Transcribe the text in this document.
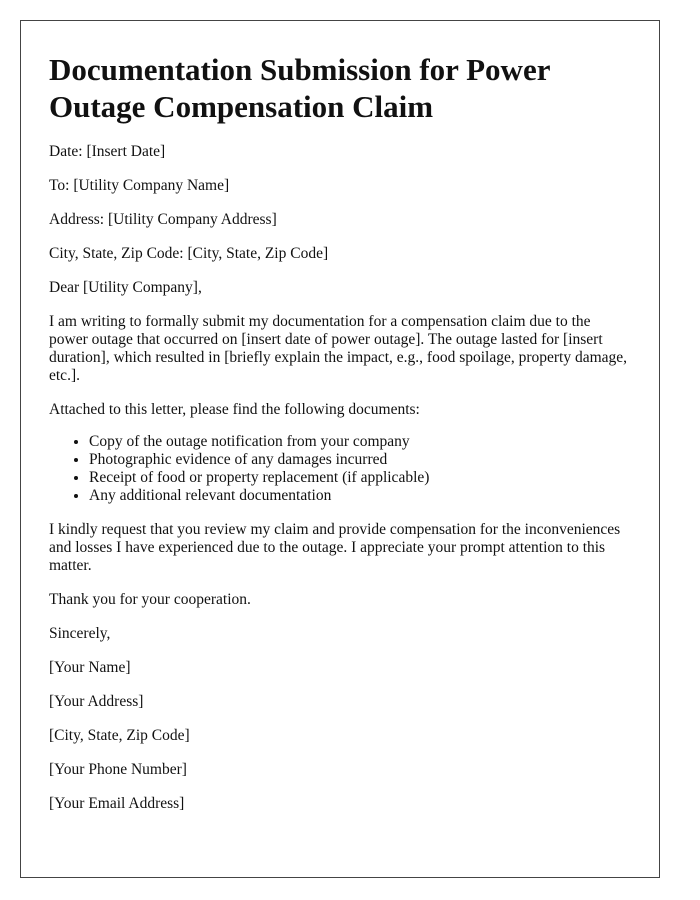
Documentation Submission for Power Outage Compensation Claim

Date: [Insert Date]

To: [Utility Company Name]

Address: [Utility Company Address]

City, State, Zip Code: [City, State, Zip Code]

Dear [Utility Company],

I am writing to formally submit my documentation for a compensation claim due to the power outage that occurred on [insert date of power outage]. The outage lasted for [insert duration], which resulted in [briefly explain the impact, e.g., food spoilage, property damage, etc.].

Attached to this letter, please find the following documents:

• Copy of the outage notification from your company
• Photographic evidence of any damages incurred
• Receipt of food or property replacement (if applicable)
• Any additional relevant documentation

I kindly request that you review my claim and provide compensation for the inconveniences and losses I have experienced due to the outage. I appreciate your prompt attention to this matter.

Thank you for your cooperation.

Sincerely,

[Your Name]

[Your Address]

[City, State, Zip Code]

[Your Phone Number]

[Your Email Address]
